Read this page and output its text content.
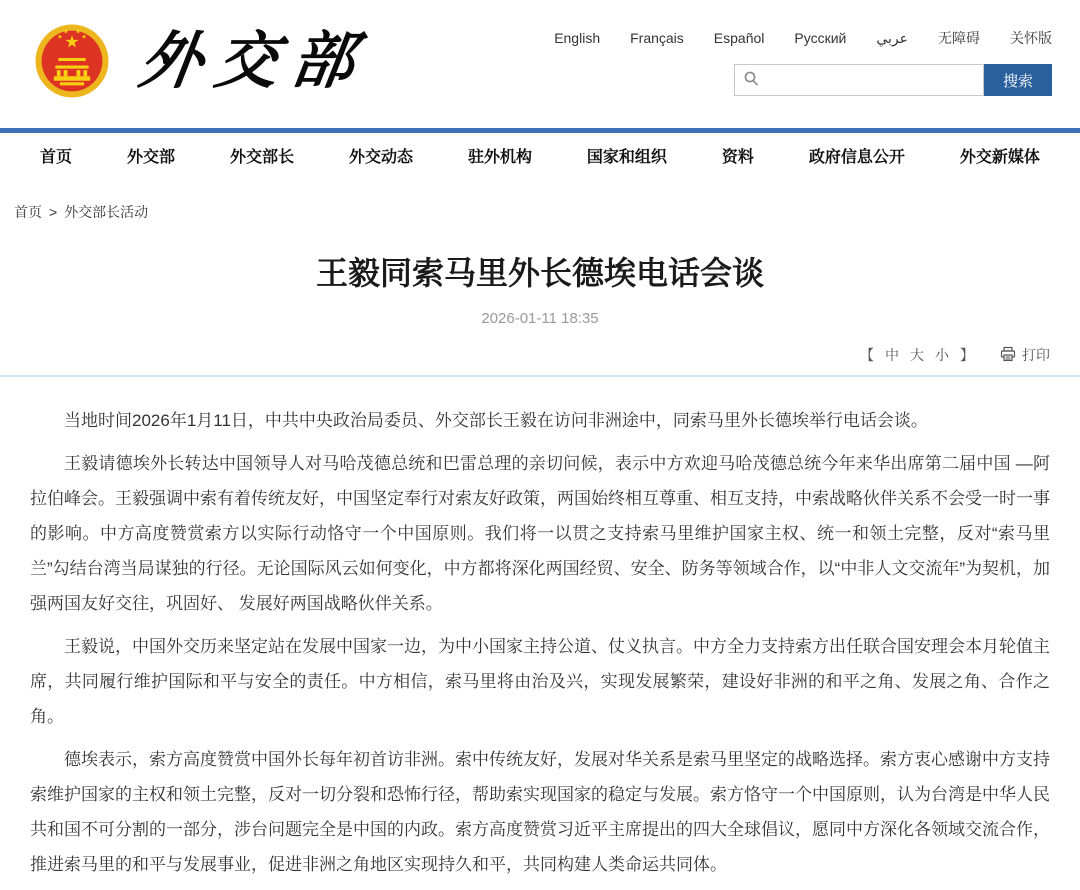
外交部	English Français Español Русский عربي 无障碍 关怀版
搜索
首页	外交部	外交部长	外交动态	驻外机构	国家和组织	资料	政府信息公开	外交新媒体
首页 > 外交部长活动
王毅同索马里外长德埃电话会谈
2026-01-11 18:35
【 中 大 小 】	打印

当地时间2026年1月11日，中共中央政治局委员、外交部长王毅在访问非洲途中，同索马里外长德埃举行电话会谈。

王毅请德埃外长转达中国领导人对马哈茂德总统和巴雷总理的亲切问候，表示中方欢迎马哈茂德总统今年来华出席第二届中国 —阿拉伯峰会。王毅强调中索有着传统友好，中国坚定奉行对索友好政策，两国始终相互尊重、相互支持，中索战略伙伴关系不会受一时一事的影响。中方高度赞赏索方以实际行动恪守一个中国原则。我们将一以贯之支持索马里维护国家主权、统一和领土完整，反对“索马里兰”勾结台湾当局谋独的行径。无论国际风云如何变化，中方都将深化两国经贸、安全、防务等领域合作，以“中非人文交流年”为契机，加强两国友好交往，巩固好、 发展好两国战略伙伴关系。

王毅说，中国外交历来坚定站在发展中国家一边，为中小国家主持公道、仗义执言。中方全力支持索方出任联合国安理会本月轮值主席，共同履行维护国际和平与安全的责任。中方相信，索马里将由治及兴，实现发展繁荣，建设好非洲的和平之角、发展之角、合作之角。

德埃表示，索方高度赞赏中国外长每年初首访非洲。索中传统友好，发展对华关系是索马里坚定的战略选择。索方衷心感谢中方支持索维护国家的主权和领土完整，反对一切分裂和恐怖行径，帮助索实现国家的稳定与发展。索方恪守一个中国原则，认为台湾是中华人民共和国不可分割的一部分，涉台问题完全是中国的内政。索方高度赞赏习近平主席提出的四大全球倡议，愿同中方深化各领域交流合作，推进索马里的和平与发展事业，促进非洲之角地区实现持久和平，共同构建人类命运共同体。
